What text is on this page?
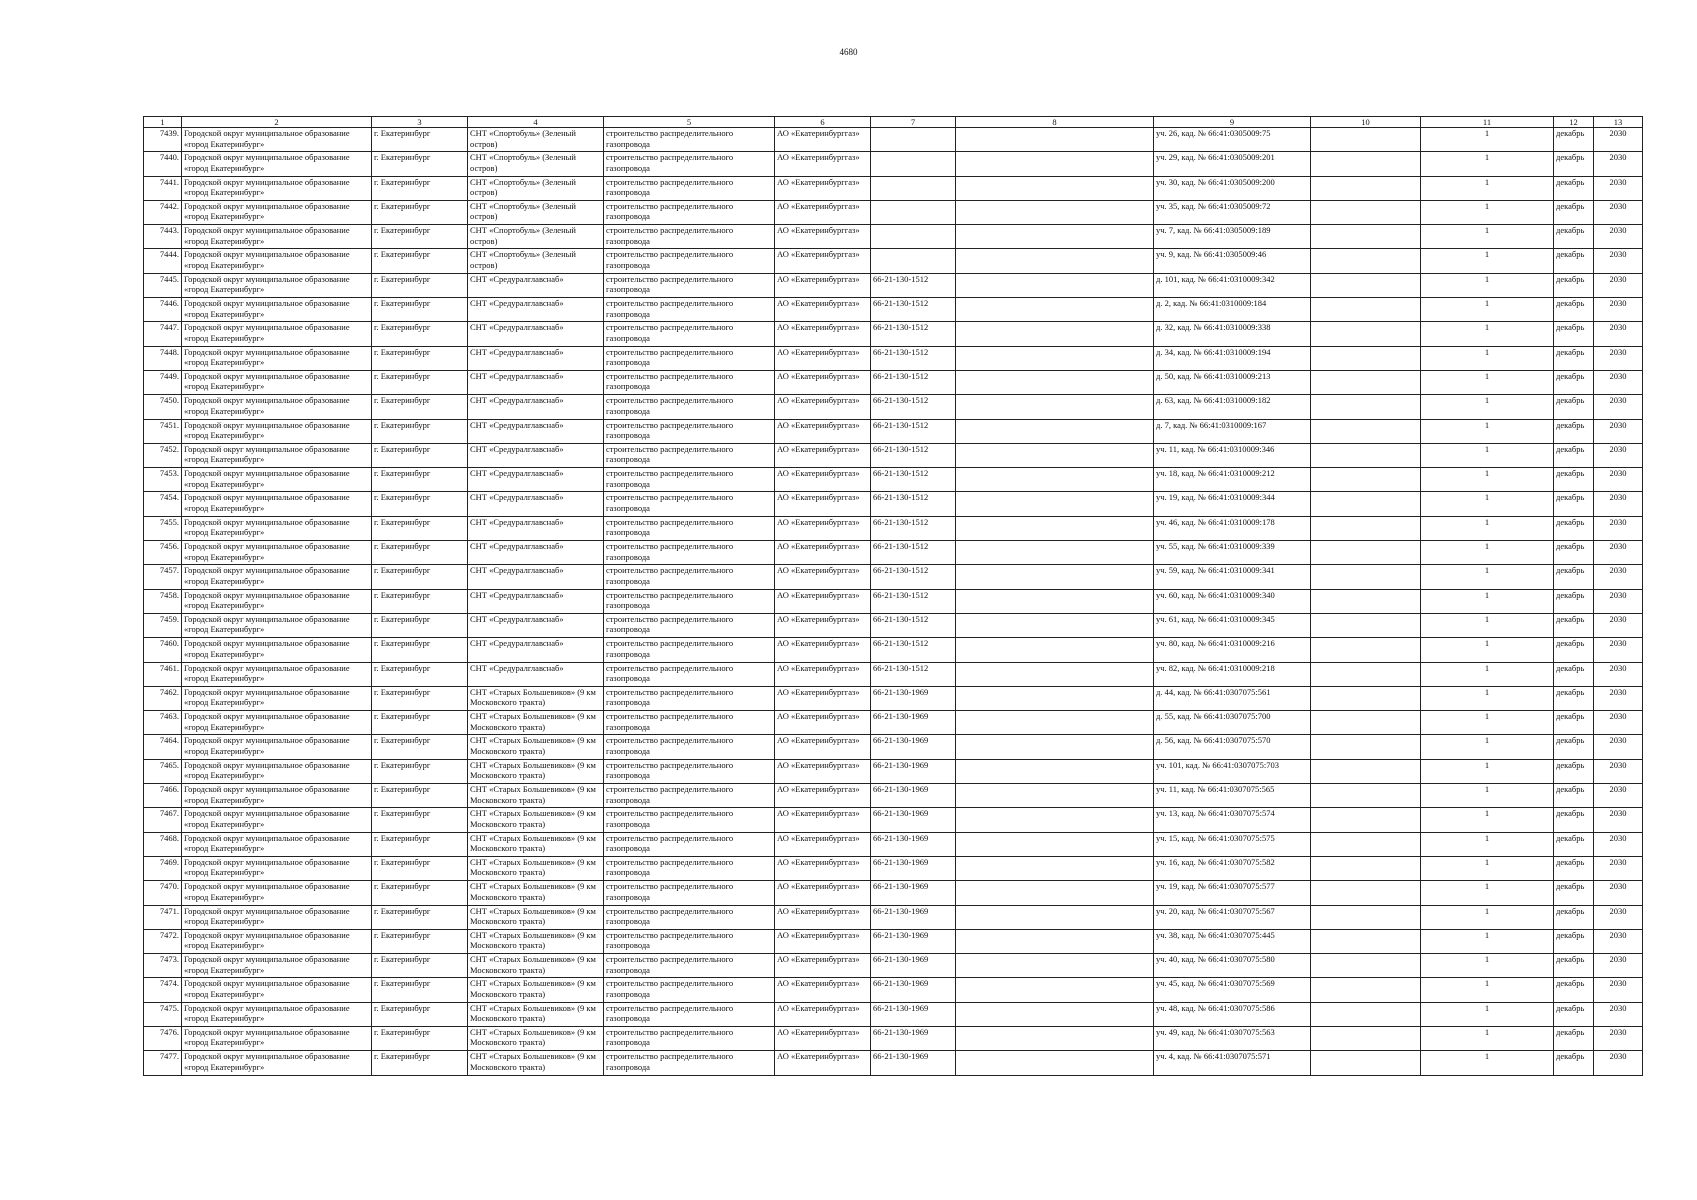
4680
1	2	3	4	5	6	7	8	9	10	11	12	13
7439.	Городской округ муниципальное образование «город Екатеринбург»	г. Екатеринбург	СНТ «Спортобуль» (Зеленый остров)	строительство распределительного газопровода	АО «Екатеринбурггаз»			уч. 26, кад. № 66:41:0305009:75		1	декабрь	2030
7440.	Городской округ муниципальное образование «город Екатеринбург»	г. Екатеринбург	СНТ «Спортобуль» (Зеленый остров)	строительство распределительного газопровода	АО «Екатеринбурггаз»			уч. 29, кад. № 66:41:0305009:201		1	декабрь	2030
7441.	Городской округ муниципальное образование «город Екатеринбург»	г. Екатеринбург	СНТ «Спортобуль» (Зеленый остров)	строительство распределительного газопровода	АО «Екатеринбурггаз»			уч. 30, кад. № 66:41:0305009:200		1	декабрь	2030
7442.	Городской округ муниципальное образование «город Екатеринбург»	г. Екатеринбург	СНТ «Спортобуль» (Зеленый остров)	строительство распределительного газопровода	АО «Екатеринбурггаз»			уч. 35, кад. № 66:41:0305009:72		1	декабрь	2030
7443.	Городской округ муниципальное образование «город Екатеринбург»	г. Екатеринбург	СНТ «Спортобуль» (Зеленый остров)	строительство распределительного газопровода	АО «Екатеринбурггаз»			уч. 7, кад. № 66:41:0305009:189		1	декабрь	2030
7444.	Городской округ муниципальное образование «город Екатеринбург»	г. Екатеринбург	СНТ «Спортобуль» (Зеленый остров)	строительство распределительного газопровода	АО «Екатеринбурггаз»			уч. 9, кад. № 66:41:0305009:46		1	декабрь	2030
7445.	Городской округ муниципальное образование «город Екатеринбург»	г. Екатеринбург	СНТ «Средуралглавснаб»	строительство распределительного газопровода	АО «Екатеринбурггаз»	66-21-130-1512		д. 101, кад. № 66:41:0310009:342		1	декабрь	2030
7446.	Городской округ муниципальное образование «город Екатеринбург»	г. Екатеринбург	СНТ «Средуралглавснаб»	строительство распределительного газопровода	АО «Екатеринбурггаз»	66-21-130-1512		д. 2, кад. № 66:41:0310009:184		1	декабрь	2030
7447.	Городской округ муниципальное образование «город Екатеринбург»	г. Екатеринбург	СНТ «Средуралглавснаб»	строительство распределительного газопровода	АО «Екатеринбурггаз»	66-21-130-1512		д. 32, кад. № 66:41:0310009:338		1	декабрь	2030
7448.	Городской округ муниципальное образование «город Екатеринбург»	г. Екатеринбург	СНТ «Средуралглавснаб»	строительство распределительного газопровода	АО «Екатеринбурггаз»	66-21-130-1512		д. 34, кад. № 66:41:0310009:194		1	декабрь	2030
7449.	Городской округ муниципальное образование «город Екатеринбург»	г. Екатеринбург	СНТ «Средуралглавснаб»	строительство распределительного газопровода	АО «Екатеринбурггаз»	66-21-130-1512		д. 50, кад. № 66:41:0310009:213		1	декабрь	2030
7450.	Городской округ муниципальное образование «город Екатеринбург»	г. Екатеринбург	СНТ «Средуралглавснаб»	строительство распределительного газопровода	АО «Екатеринбурггаз»	66-21-130-1512		д. 63, кад. № 66:41:0310009:182		1	декабрь	2030
7451.	Городской округ муниципальное образование «город Екатеринбург»	г. Екатеринбург	СНТ «Средуралглавснаб»	строительство распределительного газопровода	АО «Екатеринбурггаз»	66-21-130-1512		д. 7, кад. № 66:41:0310009:167		1	декабрь	2030
7452.	Городской округ муниципальное образование «город Екатеринбург»	г. Екатеринбург	СНТ «Средуралглавснаб»	строительство распределительного газопровода	АО «Екатеринбурггаз»	66-21-130-1512		уч. 11, кад. № 66:41:0310009:346		1	декабрь	2030
7453.	Городской округ муниципальное образование «город Екатеринбург»	г. Екатеринбург	СНТ «Средуралглавснаб»	строительство распределительного газопровода	АО «Екатеринбурггаз»	66-21-130-1512		уч. 18, кад. № 66:41:0310009:212		1	декабрь	2030
7454.	Городской округ муниципальное образование «город Екатеринбург»	г. Екатеринбург	СНТ «Средуралглавснаб»	строительство распределительного газопровода	АО «Екатеринбурггаз»	66-21-130-1512		уч. 19, кад. № 66:41:0310009:344		1	декабрь	2030
7455.	Городской округ муниципальное образование «город Екатеринбург»	г. Екатеринбург	СНТ «Средуралглавснаб»	строительство распределительного газопровода	АО «Екатеринбурггаз»	66-21-130-1512		уч. 46, кад. № 66:41:0310009:178		1	декабрь	2030
7456.	Городской округ муниципальное образование «город Екатеринбург»	г. Екатеринбург	СНТ «Средуралглавснаб»	строительство распределительного газопровода	АО «Екатеринбурггаз»	66-21-130-1512		уч. 55, кад. № 66:41:0310009:339		1	декабрь	2030
7457.	Городской округ муниципальное образование «город Екатеринбург»	г. Екатеринбург	СНТ «Средуралглавснаб»	строительство распределительного газопровода	АО «Екатеринбурггаз»	66-21-130-1512		уч. 59, кад. № 66:41:0310009:341		1	декабрь	2030
7458.	Городской округ муниципальное образование «город Екатеринбург»	г. Екатеринбург	СНТ «Средуралглавснаб»	строительство распределительного газопровода	АО «Екатеринбурггаз»	66-21-130-1512		уч. 60, кад. № 66:41:0310009:340		1	декабрь	2030
7459.	Городской округ муниципальное образование «город Екатеринбург»	г. Екатеринбург	СНТ «Средуралглавснаб»	строительство распределительного газопровода	АО «Екатеринбурггаз»	66-21-130-1512		уч. 61, кад. № 66:41:0310009:345		1	декабрь	2030
7460.	Городской округ муниципальное образование «город Екатеринбург»	г. Екатеринбург	СНТ «Средуралглавснаб»	строительство распределительного газопровода	АО «Екатеринбурггаз»	66-21-130-1512		уч. 80, кад. № 66:41:0310009:216		1	декабрь	2030
7461.	Городской округ муниципальное образование «город Екатеринбург»	г. Екатеринбург	СНТ «Средуралглавснаб»	строительство распределительного газопровода	АО «Екатеринбурггаз»	66-21-130-1512		уч. 82, кад. № 66:41:0310009:218		1	декабрь	2030
7462.	Городской округ муниципальное образование «город Екатеринбург»	г. Екатеринбург	СНТ «Старых Большевиков» (9 км Московского тракта)	строительство распределительного газопровода	АО «Екатеринбурггаз»	66-21-130-1969		д. 44, кад. № 66:41:0307075:561		1	декабрь	2030
7463.	Городской округ муниципальное образование «город Екатеринбург»	г. Екатеринбург	СНТ «Старых Большевиков» (9 км Московского тракта)	строительство распределительного газопровода	АО «Екатеринбурггаз»	66-21-130-1969		д. 55, кад. № 66:41:0307075:700		1	декабрь	2030
7464.	Городской округ муниципальное образование «город Екатеринбург»	г. Екатеринбург	СНТ «Старых Большевиков» (9 км Московского тракта)	строительство распределительного газопровода	АО «Екатеринбурггаз»	66-21-130-1969		д. 56, кад. № 66:41:0307075:570		1	декабрь	2030
7465.	Городской округ муниципальное образование «город Екатеринбург»	г. Екатеринбург	СНТ «Старых Большевиков» (9 км Московского тракта)	строительство распределительного газопровода	АО «Екатеринбурггаз»	66-21-130-1969		уч. 101, кад. № 66:41:0307075:703		1	декабрь	2030
7466.	Городской округ муниципальное образование «город Екатеринбург»	г. Екатеринбург	СНТ «Старых Большевиков» (9 км Московского тракта)	строительство распределительного газопровода	АО «Екатеринбурггаз»	66-21-130-1969		уч. 11, кад. № 66:41:0307075:565		1	декабрь	2030
7467.	Городской округ муниципальное образование «город Екатеринбург»	г. Екатеринбург	СНТ «Старых Большевиков» (9 км Московского тракта)	строительство распределительного газопровода	АО «Екатеринбурггаз»	66-21-130-1969		уч. 13, кад. № 66:41:0307075:574		1	декабрь	2030
7468.	Городской округ муниципальное образование «город Екатеринбург»	г. Екатеринбург	СНТ «Старых Большевиков» (9 км Московского тракта)	строительство распределительного газопровода	АО «Екатеринбурггаз»	66-21-130-1969		уч. 15, кад. № 66:41:0307075:575		1	декабрь	2030
7469.	Городской округ муниципальное образование «город Екатеринбург»	г. Екатеринбург	СНТ «Старых Большевиков» (9 км Московского тракта)	строительство распределительного газопровода	АО «Екатеринбурггаз»	66-21-130-1969		уч. 16, кад. № 66:41:0307075:582		1	декабрь	2030
7470.	Городской округ муниципальное образование «город Екатеринбург»	г. Екатеринбург	СНТ «Старых Большевиков» (9 км Московского тракта)	строительство распределительного газопровода	АО «Екатеринбурггаз»	66-21-130-1969		уч. 19, кад. № 66:41:0307075:577		1	декабрь	2030
7471.	Городской округ муниципальное образование «город Екатеринбург»	г. Екатеринбург	СНТ «Старых Большевиков» (9 км Московского тракта)	строительство распределительного газопровода	АО «Екатеринбурггаз»	66-21-130-1969		уч. 20, кад. № 66:41:0307075:567		1	декабрь	2030
7472.	Городской округ муниципальное образование «город Екатеринбург»	г. Екатеринбург	СНТ «Старых Большевиков» (9 км Московского тракта)	строительство распределительного газопровода	АО «Екатеринбурггаз»	66-21-130-1969		уч. 38, кад. № 66:41:0307075:445		1	декабрь	2030
7473.	Городской округ муниципальное образование «город Екатеринбург»	г. Екатеринбург	СНТ «Старых Большевиков» (9 км Московского тракта)	строительство распределительного газопровода	АО «Екатеринбурггаз»	66-21-130-1969		уч. 40, кад. № 66:41:0307075:580		1	декабрь	2030
7474.	Городской округ муниципальное образование «город Екатеринбург»	г. Екатеринбург	СНТ «Старых Большевиков» (9 км Московского тракта)	строительство распределительного газопровода	АО «Екатеринбурггаз»	66-21-130-1969		уч. 45, кад. № 66:41:0307075:569		1	декабрь	2030
7475.	Городской округ муниципальное образование «город Екатеринбург»	г. Екатеринбург	СНТ «Старых Большевиков» (9 км Московского тракта)	строительство распределительного газопровода	АО «Екатеринбурггаз»	66-21-130-1969		уч. 48, кад. № 66:41:0307075:586		1	декабрь	2030
7476.	Городской округ муниципальное образование «город Екатеринбург»	г. Екатеринбург	СНТ «Старых Большевиков» (9 км Московского тракта)	строительство распределительного газопровода	АО «Екатеринбурггаз»	66-21-130-1969		уч. 49, кад. № 66:41:0307075:563		1	декабрь	2030
7477.	Городской округ муниципальное образование «город Екатеринбург»	г. Екатеринбург	СНТ «Старых Большевиков» (9 км Московского тракта)	строительство распределительного газопровода	АО «Екатеринбурггаз»	66-21-130-1969		уч. 4, кад. № 66:41:0307075:571		1	декабрь	2030
